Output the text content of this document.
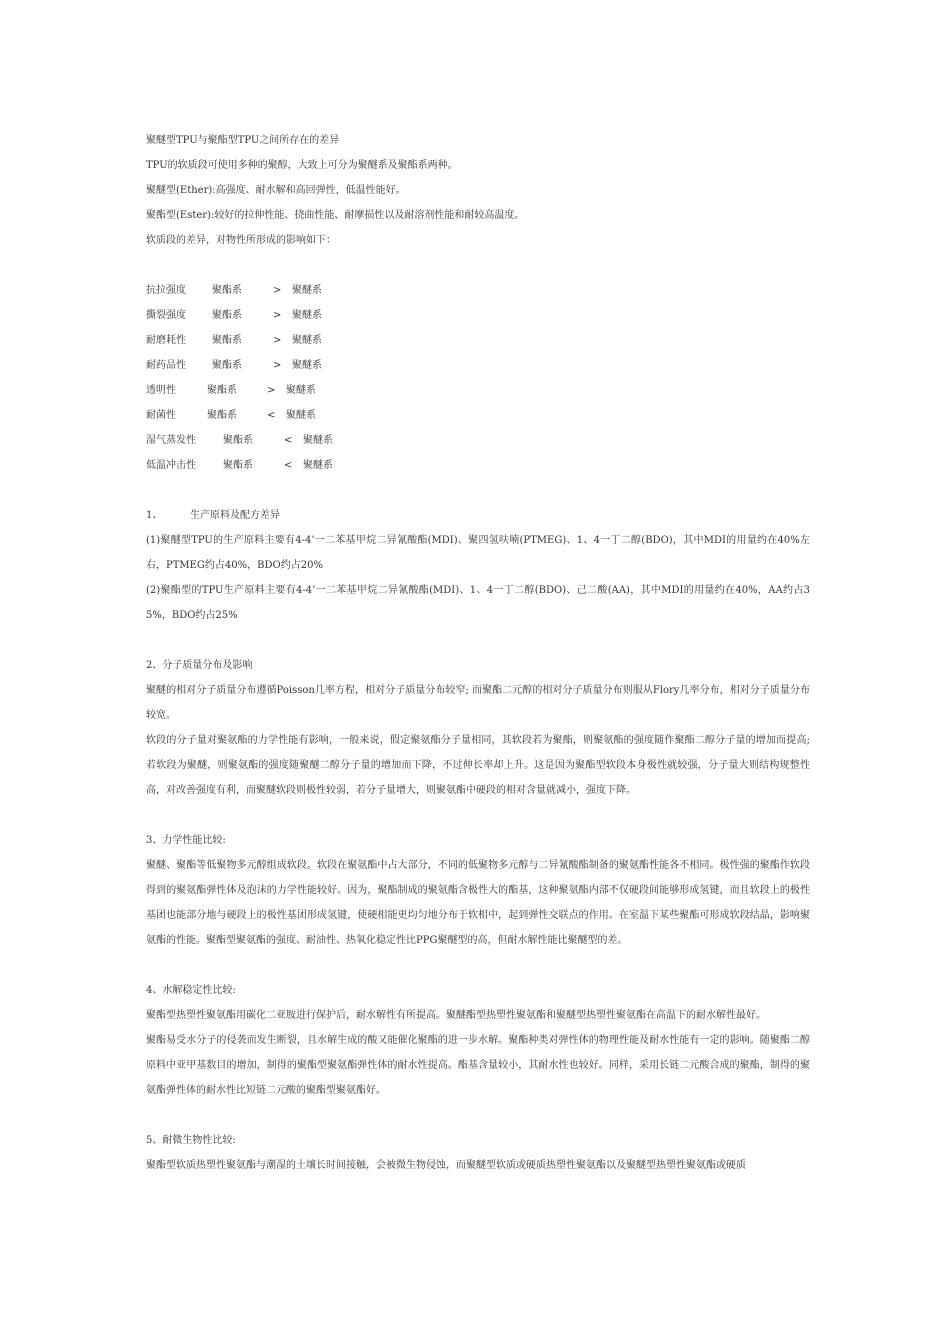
聚醚型TPU与聚酯型TPU之间所存在的差异
TPU的软质段可使用多种的聚醇，大致上可分为聚醚系及聚酯系两种。
聚醚型(Ether):高强度、耐水解和高回弹性，低温性能好。
聚酯型(Ester):较好的拉伸性能、挠曲性能、耐摩损性以及耐溶剂性能和耐较高温度。
软质段的差异，对物性所形成的影响如下：
抗拉强度	聚酯系	> 聚醚系
撕裂强度	聚酯系	> 聚醚系
耐磨耗性	聚酯系	> 聚醚系
耐药品性	聚酯系	> 聚醚系
透明性	聚酯系	> 聚醚系
耐菌性	聚酯系	< 聚醚系
湿气蒸发性	聚酯系	< 聚醚系
低温冲击性	聚酯系	< 聚醚系
1、	生产原料及配方差异
(1)聚醚型TPU的生产原料主要有4-4’一二苯基甲烷二异氰酸酯(MDI)、聚四氢呋喃(PTMEG)、1、4一丁二醇(BDO)，其中MDI的用量约在40%左右，PTMEG约占40%，BDO约占20%
(2)聚酯型的TPU生产原料主要有4-4’一二苯基甲烷二异氰酸酯(MDI)、1、4一丁二醇(BDO)、己二酸(AA)，其中MDI的用量约在40%，AA约占35%，BDO约占25%
2、分子质量分布及影响
聚醚的相对分子质量分布遵循Poisson几率方程，相对分子质量分布较窄; 而聚酯二元醇的相对分子质量分布则服从Flory几率分布，相对分子质量分布较宽。
软段的分子量对聚氨酯的力学性能有影响，一般来说，假定聚氨酯分子量相同，其软段若为聚酯，则聚氨酯的强度随作聚酯二醇分子量的增加而提高; 若软段为聚醚，则聚氨酯的强度随聚醚二醇分子量的增加而下降，不过伸长率却上升。这是因为聚酯型软段本身极性就较强，分子量大则结构规整性高，对改善强度有利，而聚醚软段则极性较弱，若分子量增大，则聚氨酯中硬段的相对含量就减小，强度下降。
3、力学性能比较:
聚醚、聚酯等低聚物多元醇组成软段。软段在聚氨酯中占大部分，不同的低聚物多元醇与二异氰酸酯制备的聚氨酯性能各不相同。极性强的聚酯作软段得到的聚氨酯弹性体及泡沫的力学性能较好。因为，聚酯制成的聚氨酯含极性大的酯基，这种聚氨酯内部不仅硬段间能够形成氢键，而且软段上的极性基团也能部分地与硬段上的极性基团形成氢键，使硬相能更均匀地分布于软相中，起到弹性交联点的作用。在室温下某些聚酯可形成软段结晶，影响聚氨酯的性能。聚酯型聚氨酯的强度、耐油性、热氧化稳定性比PPG聚醚型的高，但耐水解性能比聚醚型的差。
4、水解稳定性比较:
聚酯型热塑性聚氨酯用碳化二亚胺进行保护后，耐水解性有所提高。聚醚酯型热塑性聚氨酯和聚醚型热塑性聚氨酯在高温下的耐水解性最好。
聚酯易受水分子的侵袭而发生断裂，且水解生成的酸又能催化聚酯的进一步水解。聚酯种类对弹性体的物理性能及耐水性能有一定的影响。随聚酯二醇原料中亚甲基数目的增加，制得的聚酯型聚氨酯弹性体的耐水性提高。酯基含量较小，其耐水性也较好。同样，采用长链二元酸合成的聚酯，制得的聚氨酯弹性体的耐水性比短链二元酸的聚酯型聚氨酯好。
5、耐微生物性比较:
聚酯型软质热塑性聚氨酯与潮湿的土壤长时间接触，会被微生物侵蚀，而聚醚型软质或硬质热塑性聚氨酯以及聚醚型热塑性聚氨酯或硬质
